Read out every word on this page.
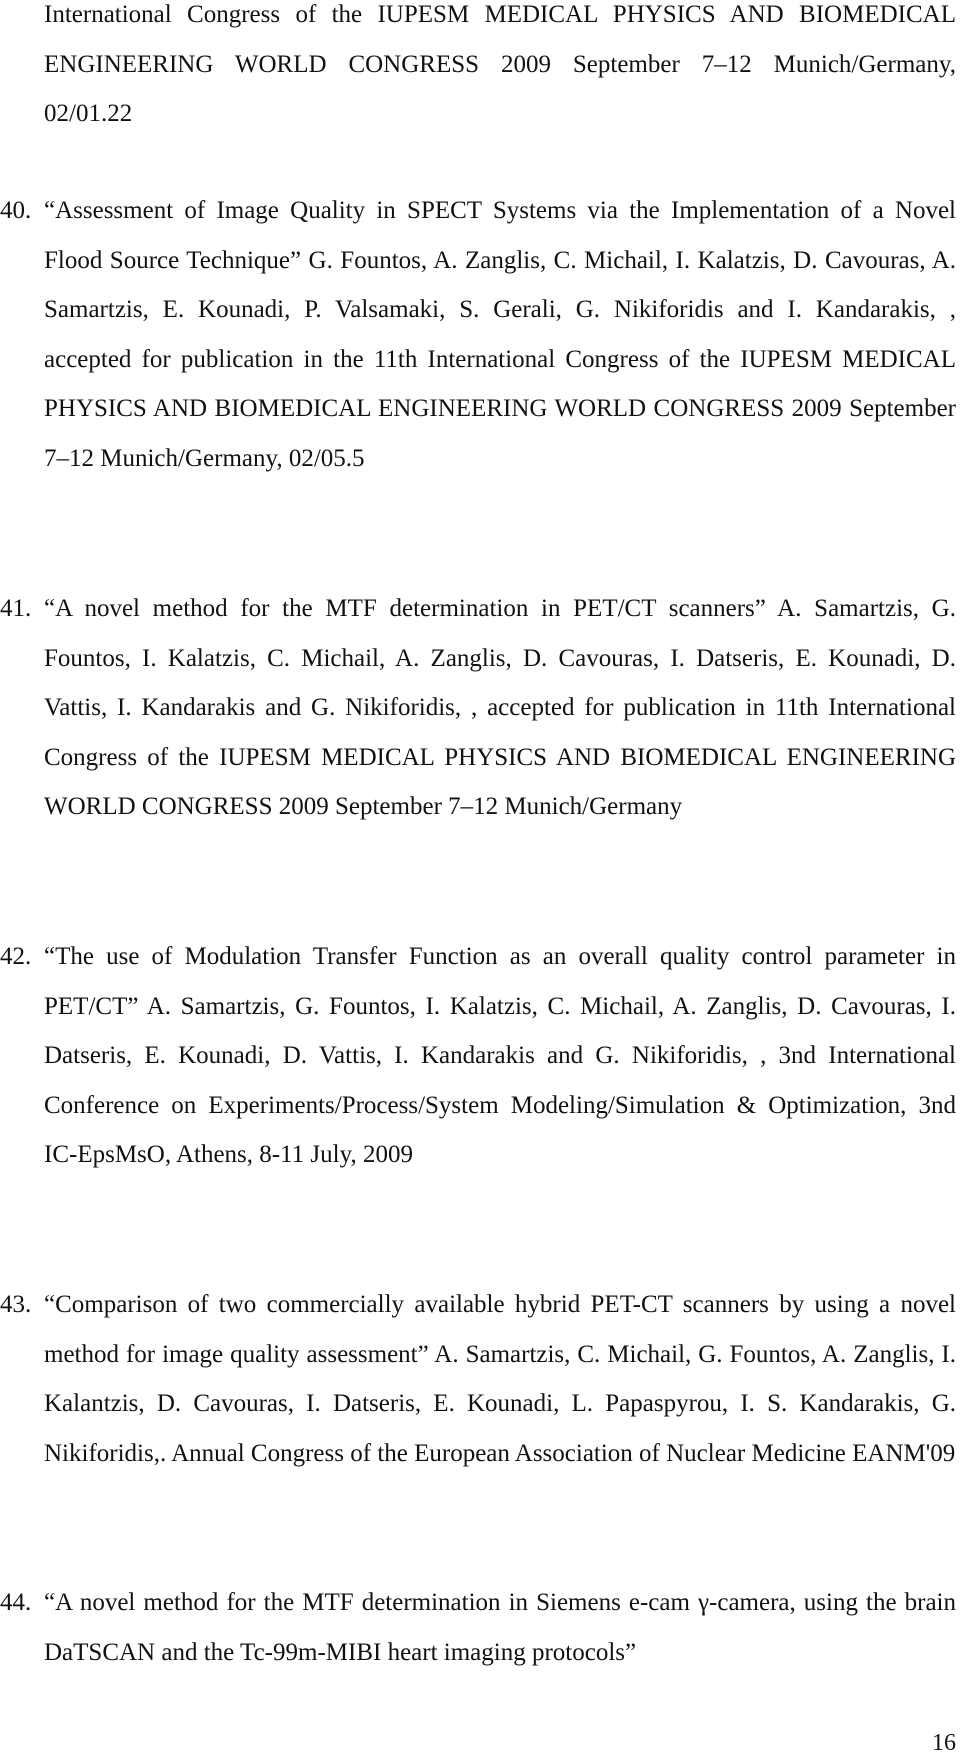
International Congress of the IUPESM MEDICAL PHYSICS AND BIOMEDICAL ENGINEERING WORLD CONGRESS 2009 September 7–12 Munich/Germany, 02/01.22

40. “Assessment of Image Quality in SPECT Systems via the Implementation of a Novel Flood Source Technique” G. Fountos, A. Zanglis, C. Michail, I. Kalatzis, D. Cavouras, A. Samartzis, E. Kounadi, P. Valsamaki, S. Gerali, G. Nikiforidis and I. Kandarakis, , accepted for publication in the 11th International Congress of the IUPESM MEDICAL PHYSICS AND BIOMEDICAL ENGINEERING WORLD CONGRESS 2009 September 7–12 Munich/Germany, 02/05.5

41. “A novel method for the MTF determination in PET/CT scanners” A. Samartzis, G. Fountos, I. Kalatzis, C. Michail, A. Zanglis, D. Cavouras, I. Datseris, E. Kounadi, D. Vattis, I. Kandarakis and G. Nikiforidis, , accepted for publication in 11th International Congress of the IUPESM MEDICAL PHYSICS AND BIOMEDICAL ENGINEERING WORLD CONGRESS 2009 September 7–12 Munich/Germany

42. “The use of Modulation Transfer Function as an overall quality control parameter in PET/CT” A. Samartzis, G. Fountos, I. Kalatzis, C. Michail, A. Zanglis, D. Cavouras, I. Datseris, E. Kounadi, D. Vattis, I. Kandarakis and G. Nikiforidis, , 3nd International Conference on Experiments/Process/System Modeling/Simulation & Optimization, 3nd IC-EpsMsO, Athens, 8-11 July, 2009

43. “Comparison of two commercially available hybrid PET-CT scanners by using a novel method for image quality assessment” A. Samartzis, C. Michail, G. Fountos, A. Zanglis, I. Kalantzis, D. Cavouras, I. Datseris, E. Kounadi, L. Papaspyrou, I. S. Kandarakis, G. Nikiforidis,. Annual Congress of the European Association of Nuclear Medicine EANM'09

44. “A novel method for the MTF determination in Siemens e-cam γ-camera, using the brain DaTSCAN and the Tc-99m-MIBI heart imaging protocols”

16
